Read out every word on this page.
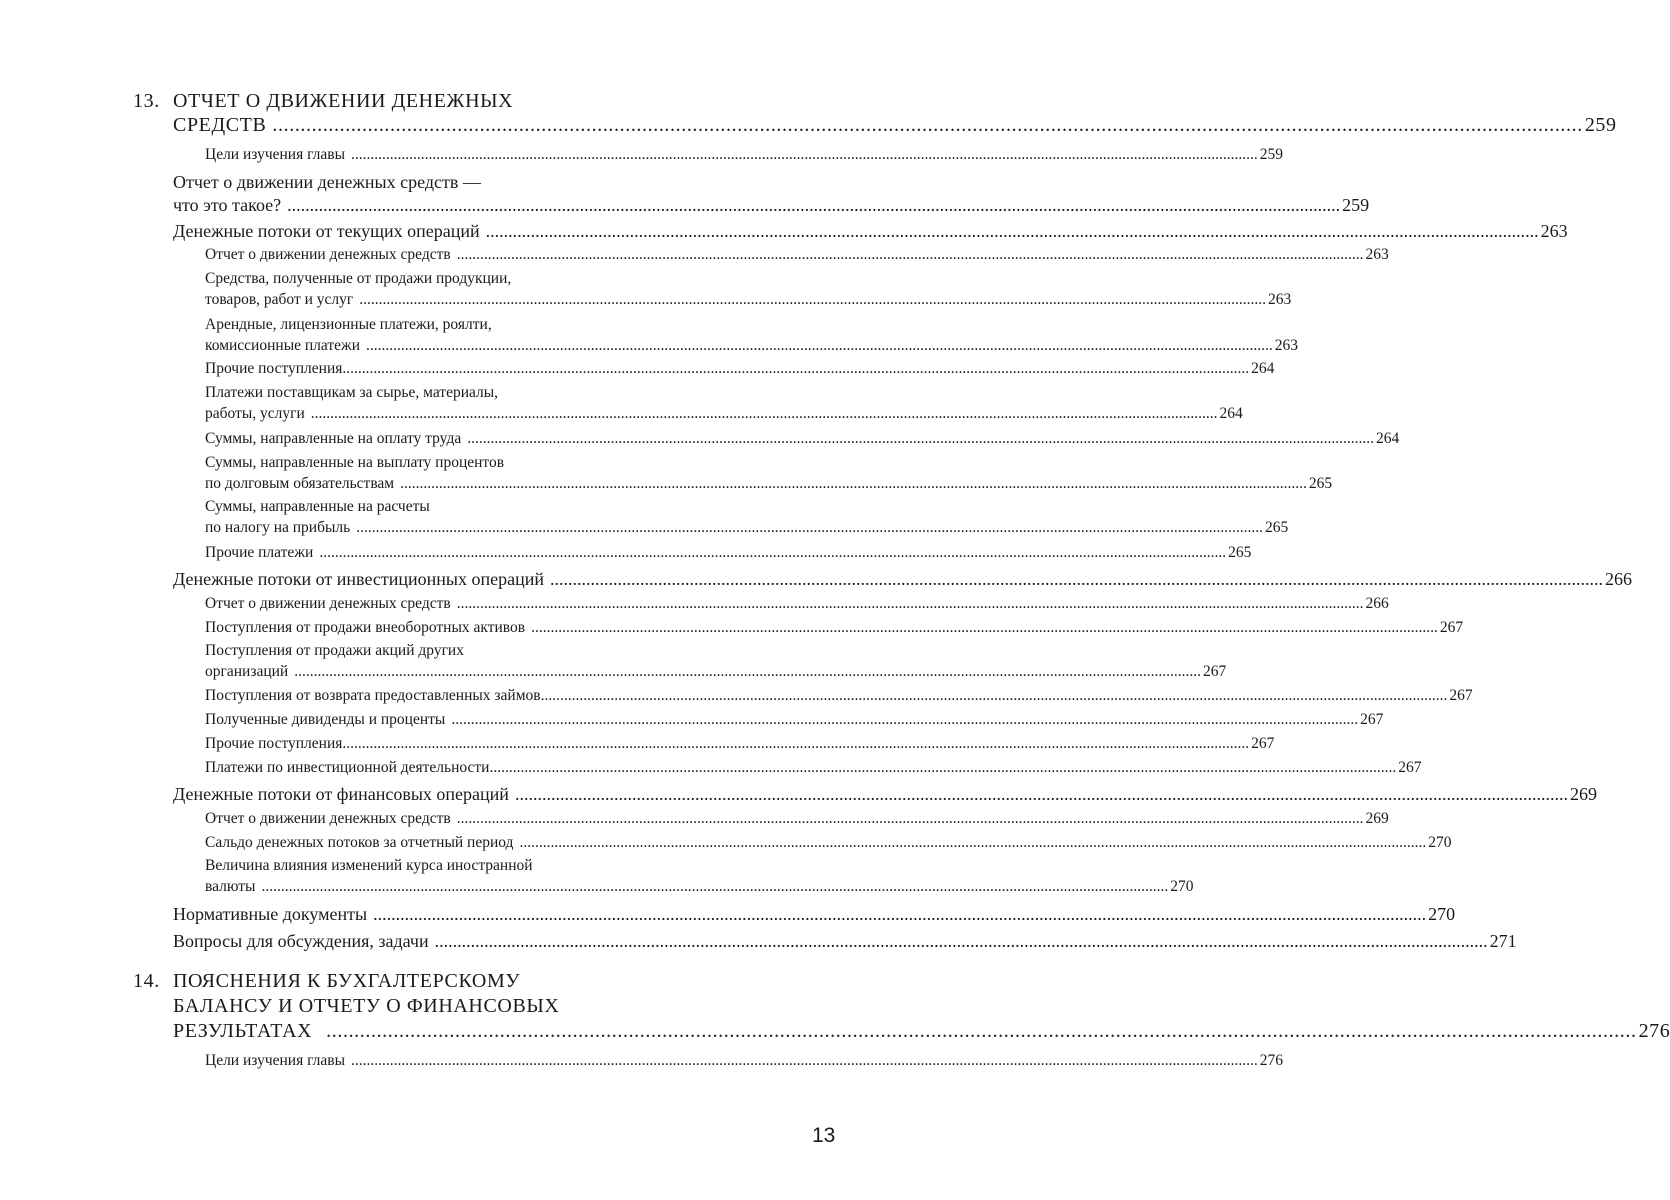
13. ОТЧЕТ О ДВИЖЕНИИ ДЕНЕЖНЫХ
СРЕДСТВ .......................................................................................................................................................................................................................................... 259
Цели изучения главы .......................................................................................................................................................................................................................................... 259
Отчет о движении денежных средств —
что это такое? .......................................................................................................................................................................................................................................... 259
Денежные потоки от текущих операций .......................................................................................................................................................................................................................................... 263
Отчет о движении денежных средств .......................................................................................................................................................................................................................................... 263
Средства, полученные от продажи продукции,
товаров, работ и услуг .......................................................................................................................................................................................................................................... 263
Арендные, лицензионные платежи, роялти,
комиссионные платежи .......................................................................................................................................................................................................................................... 263
Прочие поступления .......................................................................................................................................................................................................................................... 264
Платежи поставщикам за сырье, материалы,
работы, услуги .......................................................................................................................................................................................................................................... 264
Суммы, направленные на оплату труда .......................................................................................................................................................................................................................................... 264
Суммы, направленные на выплату процентов
по долговым обязательствам .......................................................................................................................................................................................................................................... 265
Суммы, направленные на расчеты
по налогу на прибыль .......................................................................................................................................................................................................................................... 265
Прочие платежи .......................................................................................................................................................................................................................................... 265
Денежные потоки от инвестиционных операций .......................................................................................................................................................................................................................................... 266
Отчет о движении денежных средств .......................................................................................................................................................................................................................................... 266
Поступления от продажи внеоборотных активов .......................................................................................................................................................................................................................................... 267
Поступления от продажи акций других
организаций .......................................................................................................................................................................................................................................... 267
Поступления от возврата предоставленных займов .......................................................................................................................................................................................................................................... 267
Полученные дивиденды и проценты .......................................................................................................................................................................................................................................... 267
Прочие поступления .......................................................................................................................................................................................................................................... 267
Платежи по инвестиционной деятельности .......................................................................................................................................................................................................................................... 267
Денежные потоки от финансовых операций .......................................................................................................................................................................................................................................... 269
Отчет о движении денежных средств .......................................................................................................................................................................................................................................... 269
Сальдо денежных потоков за отчетный период .......................................................................................................................................................................................................................................... 270
Величина влияния изменений курса иностранной
валюты .......................................................................................................................................................................................................................................... 270
Нормативные документы .......................................................................................................................................................................................................................................... 270
Вопросы для обсуждения, задачи .......................................................................................................................................................................................................................................... 271
14. ПОЯСНЕНИЯ К БУХГАЛТЕРСКОМУ
БАЛАНСУ И ОТЧЕТУ О ФИНАНСОВЫХ
РЕЗУЛЬТАТАХ .......................................................................................................................................................................................................................................... 276
Цели изучения главы .......................................................................................................................................................................................................................................... 276
13
